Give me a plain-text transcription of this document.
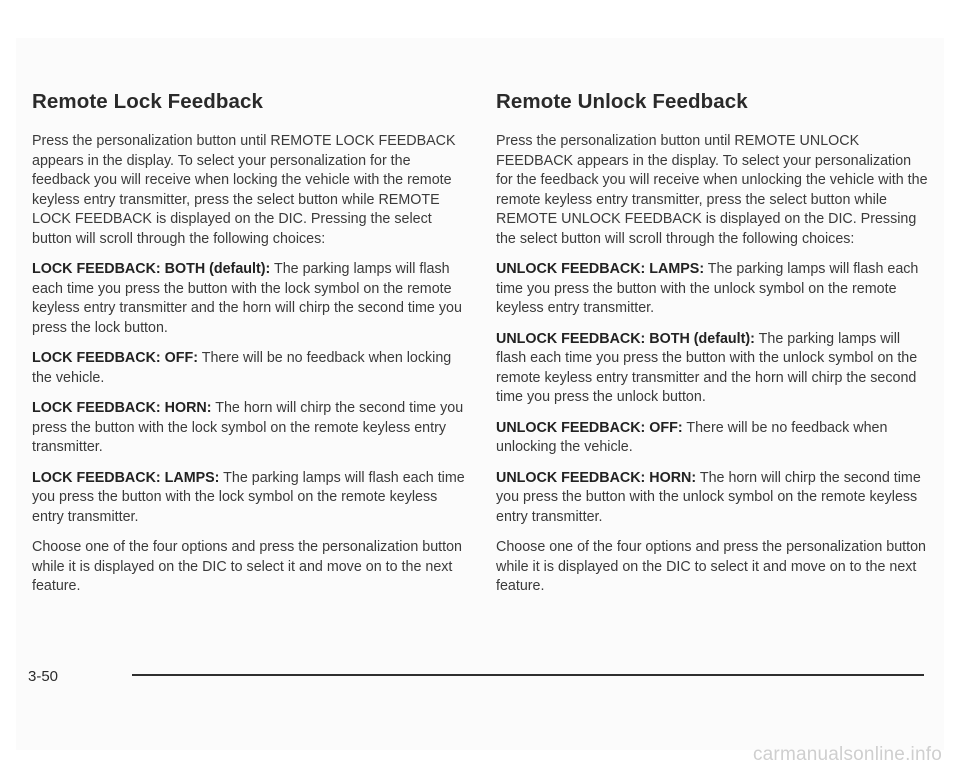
Remote Lock Feedback

Press the personalization button until REMOTE LOCK FEEDBACK appears in the display. To select your personalization for the feedback you will receive when locking the vehicle with the remote keyless entry transmitter, press the select button while REMOTE LOCK FEEDBACK is displayed on the DIC. Pressing the select button will scroll through the following choices:

LOCK FEEDBACK: BOTH (default): The parking lamps will flash each time you press the button with the lock symbol on the remote keyless entry transmitter and the horn will chirp the second time you press the lock button.

LOCK FEEDBACK: OFF: There will be no feedback when locking the vehicle.

LOCK FEEDBACK: HORN: The horn will chirp the second time you press the button with the lock symbol on the remote keyless entry transmitter.

LOCK FEEDBACK: LAMPS: The parking lamps will flash each time you press the button with the lock symbol on the remote keyless entry transmitter.

Choose one of the four options and press the personalization button while it is displayed on the DIC to select it and move on to the next feature.

Remote Unlock Feedback

Press the personalization button until REMOTE UNLOCK FEEDBACK appears in the display. To select your personalization for the feedback you will receive when unlocking the vehicle with the remote keyless entry transmitter, press the select button while REMOTE UNLOCK FEEDBACK is displayed on the DIC. Pressing the select button will scroll through the following choices:

UNLOCK FEEDBACK: LAMPS: The parking lamps will flash each time you press the button with the unlock symbol on the remote keyless entry transmitter.

UNLOCK FEEDBACK: BOTH (default): The parking lamps will flash each time you press the button with the unlock symbol on the remote keyless entry transmitter and the horn will chirp the second time you press the unlock button.

UNLOCK FEEDBACK: OFF: There will be no feedback when unlocking the vehicle.

UNLOCK FEEDBACK: HORN: The horn will chirp the second time you press the button with the unlock symbol on the remote keyless entry transmitter.

Choose one of the four options and press the personalization button while it is displayed on the DIC to select it and move on to the next feature.

3-50
carmanualsonline.info
